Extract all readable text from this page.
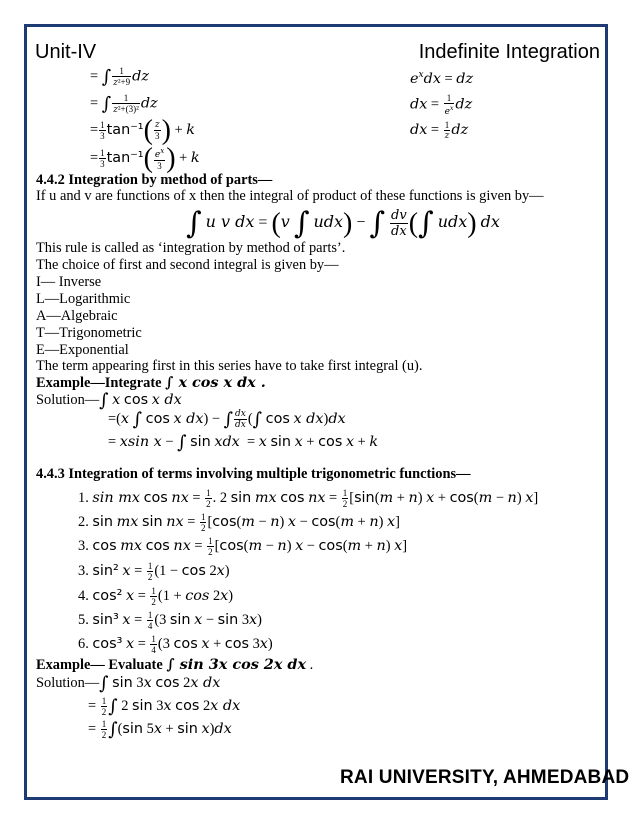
Unit-IV	Indefinite Integration
= ∫ $\frac{1}{\text{z²+9}}$ dz
= ∫ $\frac{1}{\text{z²+(3)²}}$ dz
= $\frac{1}{3} \tan^{-1}( \frac{z}{3}$ ) + k
= $\frac{1}{3} \tan^{-1}( \frac{e^x}{3}$ ) + k
$e^xdx$ = dz
dx = $\frac{1}{e^x}$ dz
dx = $\frac{1}{z}$ dz
4.4.2 Integration by method of parts—
If u and v are functions of x then the integral of product of these functions is given by—
∫ u v dx = (v ∫ udx) − ∫ $\frac{dv}{dx}$ (∫ udx) dx
This rule is called as ‘integration by method of parts’.
The choice of first and second integral is given by—
I— Inverse
L—Logarithmic
A—Algebraic
T—Trigonometric
E—Exponential
The term appearing first in this series have to take first integral (u).
Example—Integrate ∫ x cos x dx .
Solution—∫ x cos x dx
=(x ∫ cos x dx) − ∫ $\frac{dx}{dx}$ (∫ cos x dx)dx
= xsin x − ∫ sin xdx  = x sin x + cos x + k
4.4.3 Integration of terms involving multiple trigonometric functions—
1. sin mx cos nx = $\frac{1}{2}$ . 2 sin mx cos nx = $\frac{1}{2} [\sin(m + n) x + \cos(m - n)$ x]
2. sin mx sin nx = $\frac{1}{2} [\cos(m - n) x - \cos(m + n)$ x]
3. cos mx cos nx = $\frac{1}{2} [\cos(m - n) x - \cos(m + n)$ x]
3. sin² $x = \frac{1}{2} (1 - \cos 2x)$
4. cos² $x = \frac{1}{2} (1 + \cos 2x)$
5. sin³ $x = \frac{1}{4} (3$ sin x − sin 3x)
6. cos³ $x = \frac{1}{4} (3$ cos x + cos 3x)
Example— Evaluate ∫ sin 3x cos 2x dx .
Solution—∫ sin 3x cos 2x dx
= $\frac{1}{2}$ ∫ 2 sin 3x cos 2x dx
= $\frac{1}{2} \int(\sin$ 5x + sin x)dx
RAI UNIVERSITY, AHMEDABAD
